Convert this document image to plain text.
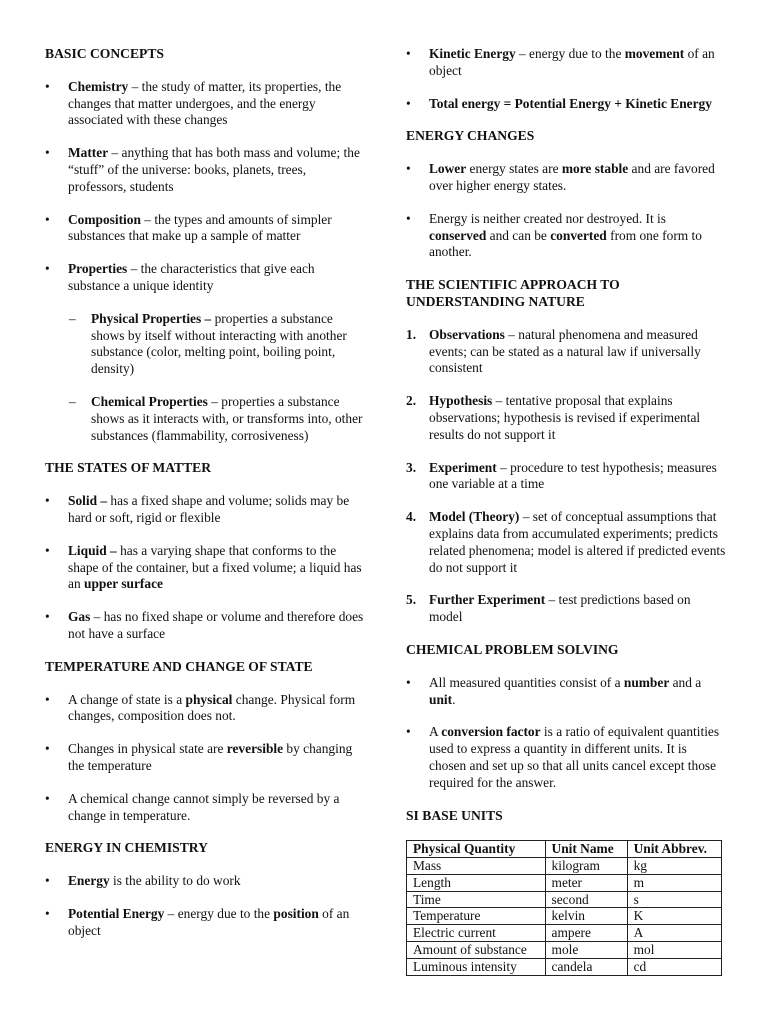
BASIC CONCEPTS
• Chemistry – the study of matter, its properties, the changes that matter undergoes, and the energy associated with these changes
• Matter – anything that has both mass and volume; the “stuff” of the universe: books, planets, trees, professors, students
• Composition – the types and amounts of simpler substances that make up a sample of matter
• Properties – the characteristics that give each substance a unique identity
– Physical Properties – properties a substance shows by itself without interacting with another substance (color, melting point, boiling point, density)
– Chemical Properties – properties a substance shows as it interacts with, or transforms into, other substances (flammability, corrosiveness)
THE STATES OF MATTER
• Solid – has a fixed shape and volume; solids may be hard or soft, rigid or flexible
• Liquid – has a varying shape that conforms to the shape of the container, but a fixed volume; a liquid has an upper surface
• Gas – has no fixed shape or volume and therefore does not have a surface
TEMPERATURE AND CHANGE OF STATE
• A change of state is a physical change. Physical form changes, composition does not.
• Changes in physical state are reversible by changing the temperature
• A chemical change cannot simply be reversed by a change in temperature.
ENERGY IN CHEMISTRY
• Energy is the ability to do work
• Potential Energy – energy due to the position of an object
• Kinetic Energy – energy due to the movement of an object
• Total energy = Potential Energy + Kinetic Energy
ENERGY CHANGES
• Lower energy states are more stable and are favored over higher energy states.
• Energy is neither created nor destroyed. It is conserved and can be converted from one form to another.
THE SCIENTIFIC APPROACH TO UNDERSTANDING NATURE
1. Observations – natural phenomena and measured events; can be stated as a natural law if universally consistent
2. Hypothesis – tentative proposal that explains observations; hypothesis is revised if experimental results do not support it
3. Experiment – procedure to test hypothesis; measures one variable at a time
4. Model (Theory) – set of conceptual assumptions that explains data from accumulated experiments; predicts related phenomena; model is altered if predicted events do not support it
5. Further Experiment – test predictions based on model
CHEMICAL PROBLEM SOLVING
• All measured quantities consist of a number and a unit.
• A conversion factor is a ratio of equivalent quantities used to express a quantity in different units. It is chosen and set up so that all units cancel except those required for the answer.
SI BASE UNITS
Physical Quantity	Unit Name	Unit Abbrev.
Mass	kilogram	kg
Length	meter	m
Time	second	s
Temperature	kelvin	K
Electric current	ampere	A
Amount of substance	mole	mol
Luminous intensity	candela	cd
